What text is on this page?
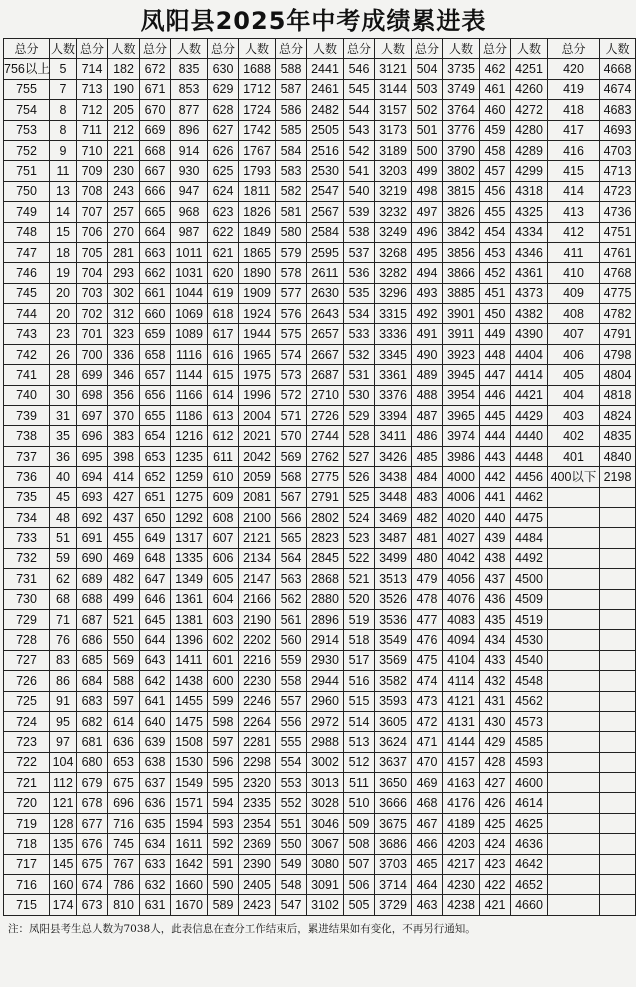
凤阳县2025年中考成绩累进表
总分	人数	总分	人数	总分	人数	总分	人数	总分	人数	总分	人数	总分	人数	总分	人数	总分	人数
756以上	5	714	182	672	835	630	1688	588	2441	546	3121	504	3735	462	4251	420	4668
755	7	713	190	671	853	629	1712	587	2461	545	3144	503	3749	461	4260	419	4674
754	8	712	205	670	877	628	1724	586	2482	544	3157	502	3764	460	4272	418	4683
753	8	711	212	669	896	627	1742	585	2505	543	3173	501	3776	459	4280	417	4693
752	9	710	221	668	914	626	1767	584	2516	542	3189	500	3790	458	4289	416	4703
751	11	709	230	667	930	625	1793	583	2530	541	3203	499	3802	457	4299	415	4713
750	13	708	243	666	947	624	1811	582	2547	540	3219	498	3815	456	4318	414	4723
749	14	707	257	665	968	623	1826	581	2567	539	3232	497	3826	455	4325	413	4736
748	15	706	270	664	987	622	1849	580	2584	538	3249	496	3842	454	4334	412	4751
747	18	705	281	663	1011	621	1865	579	2595	537	3268	495	3856	453	4346	411	4761
746	19	704	293	662	1031	620	1890	578	2611	536	3282	494	3866	452	4361	410	4768
745	20	703	302	661	1044	619	1909	577	2630	535	3296	493	3885	451	4373	409	4775
744	20	702	312	660	1069	618	1924	576	2643	534	3315	492	3901	450	4382	408	4782
743	23	701	323	659	1089	617	1944	575	2657	533	3336	491	3911	449	4390	407	4791
742	26	700	336	658	1116	616	1965	574	2667	532	3345	490	3923	448	4404	406	4798
741	28	699	346	657	1144	615	1975	573	2687	531	3361	489	3945	447	4414	405	4804
740	30	698	356	656	1166	614	1996	572	2710	530	3376	488	3954	446	4421	404	4818
739	31	697	370	655	1186	613	2004	571	2726	529	3394	487	3965	445	4429	403	4824
738	35	696	383	654	1216	612	2021	570	2744	528	3411	486	3974	444	4440	402	4835
737	36	695	398	653	1235	611	2042	569	2762	527	3426	485	3986	443	4448	401	4840
736	40	694	414	652	1259	610	2059	568	2775	526	3438	484	4000	442	4456	400以下	2198
735	45	693	427	651	1275	609	2081	567	2791	525	3448	483	4006	441	4462		
734	48	692	437	650	1292	608	2100	566	2802	524	3469	482	4020	440	4475		
733	51	691	455	649	1317	607	2121	565	2823	523	3487	481	4027	439	4484		
732	59	690	469	648	1335	606	2134	564	2845	522	3499	480	4042	438	4492		
731	62	689	482	647	1349	605	2147	563	2868	521	3513	479	4056	437	4500		
730	68	688	499	646	1361	604	2166	562	2880	520	3526	478	4076	436	4509		
729	71	687	521	645	1381	603	2190	561	2896	519	3536	477	4083	435	4519		
728	76	686	550	644	1396	602	2202	560	2914	518	3549	476	4094	434	4530		
727	83	685	569	643	1411	601	2216	559	2930	517	3569	475	4104	433	4540		
726	86	684	588	642	1438	600	2230	558	2944	516	3582	474	4114	432	4548		
725	91	683	597	641	1455	599	2246	557	2960	515	3593	473	4121	431	4562		
724	95	682	614	640	1475	598	2264	556	2972	514	3605	472	4131	430	4573		
723	97	681	636	639	1508	597	2281	555	2988	513	3624	471	4144	429	4585		
722	104	680	653	638	1530	596	2298	554	3002	512	3637	470	4157	428	4593		
721	112	679	675	637	1549	595	2320	553	3013	511	3650	469	4163	427	4600		
720	121	678	696	636	1571	594	2335	552	3028	510	3666	468	4176	426	4614		
719	128	677	716	635	1594	593	2354	551	3046	509	3675	467	4189	425	4625		
718	135	676	745	634	1611	592	2369	550	3067	508	3686	466	4203	424	4636		
717	145	675	767	633	1642	591	2390	549	3080	507	3703	465	4217	423	4642		
716	160	674	786	632	1660	590	2405	548	3091	506	3714	464	4230	422	4652		
715	174	673	810	631	1670	589	2423	547	3102	505	3729	463	4238	421	4660		
注：凤阳县考生总人数为7038人，此表信息在查分工作结束后，累进结果如有变化，不再另行通知。
